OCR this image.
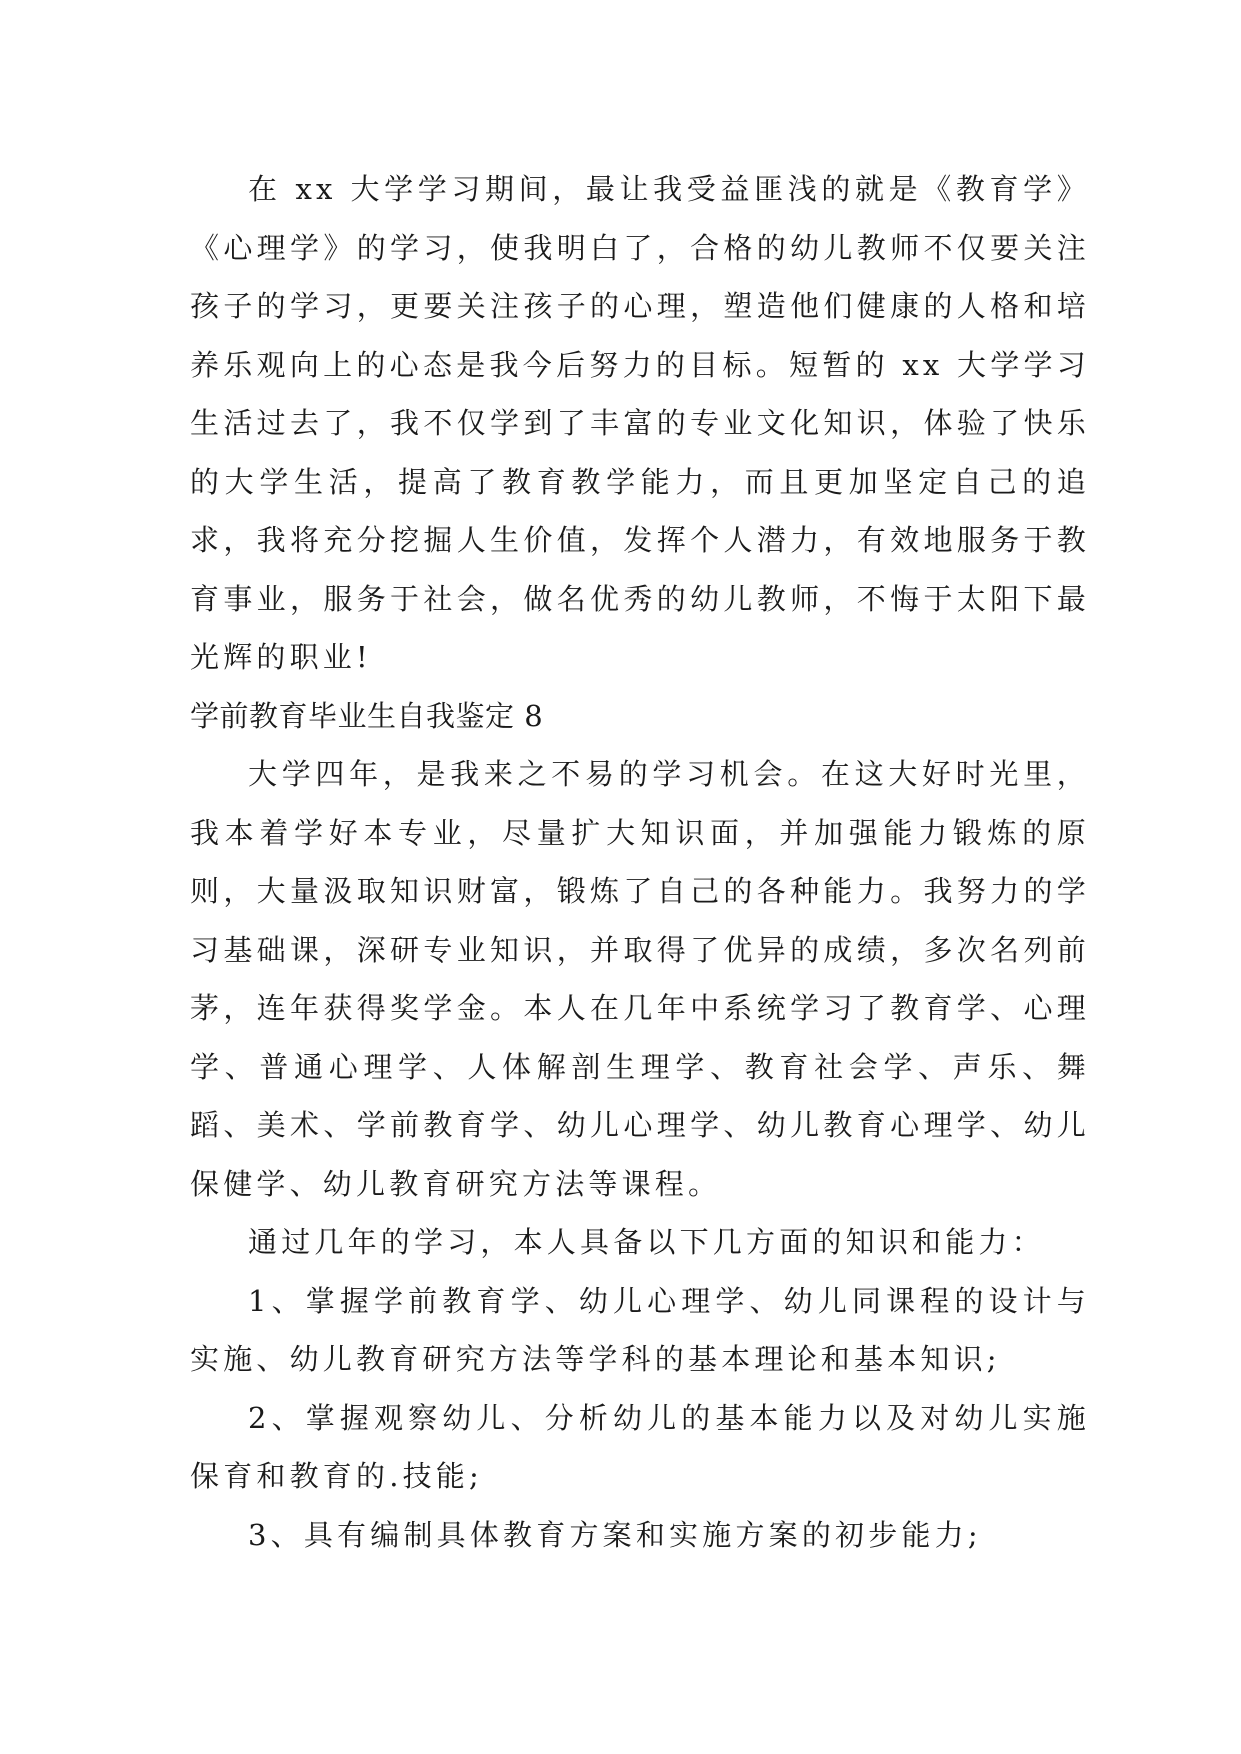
在 xx 大学学习期间，最让我受益匪浅的就是《教育学》《心理学》的学习，使我明白了，合格的幼儿教师不仅要关注孩子的学习，更要关注孩子的心理，塑造他们健康的人格和培养乐观向上的心态是我今后努力的目标。短暂的 xx 大学学习生活过去了，我不仅学到了丰富的专业文化知识，体验了快乐的大学生活，提高了教育教学能力，而且更加坚定自己的追求，我将充分挖掘人生价值，发挥个人潜力，有效地服务于教育事业，服务于社会，做名优秀的幼儿教师，不悔于太阳下最光辉的职业!

学前教育毕业生自我鉴定 8

大学四年，是我来之不易的学习机会。在这大好时光里，我本着学好本专业，尽量扩大知识面，并加强能力锻炼的原则，大量汲取知识财富，锻炼了自己的各种能力。我努力的学习基础课，深研专业知识，并取得了优异的成绩，多次名列前茅，连年获得奖学金。本人在几年中系统学习了教育学、心理学、普通心理学、人体解剖生理学、教育社会学、声乐、舞蹈、美术、学前教育学、幼儿心理学、幼儿教育心理学、幼儿保健学、幼儿教育研究方法等课程。

通过几年的学习，本人具备以下几方面的知识和能力：

1、掌握学前教育学、幼儿心理学、幼儿同课程的设计与实施、幼儿教育研究方法等学科的基本理论和基本知识;

2、掌握观察幼儿、分析幼儿的基本能力以及对幼儿实施保育和教育的.技能;

3、具有编制具体教育方案和实施方案的初步能力;
